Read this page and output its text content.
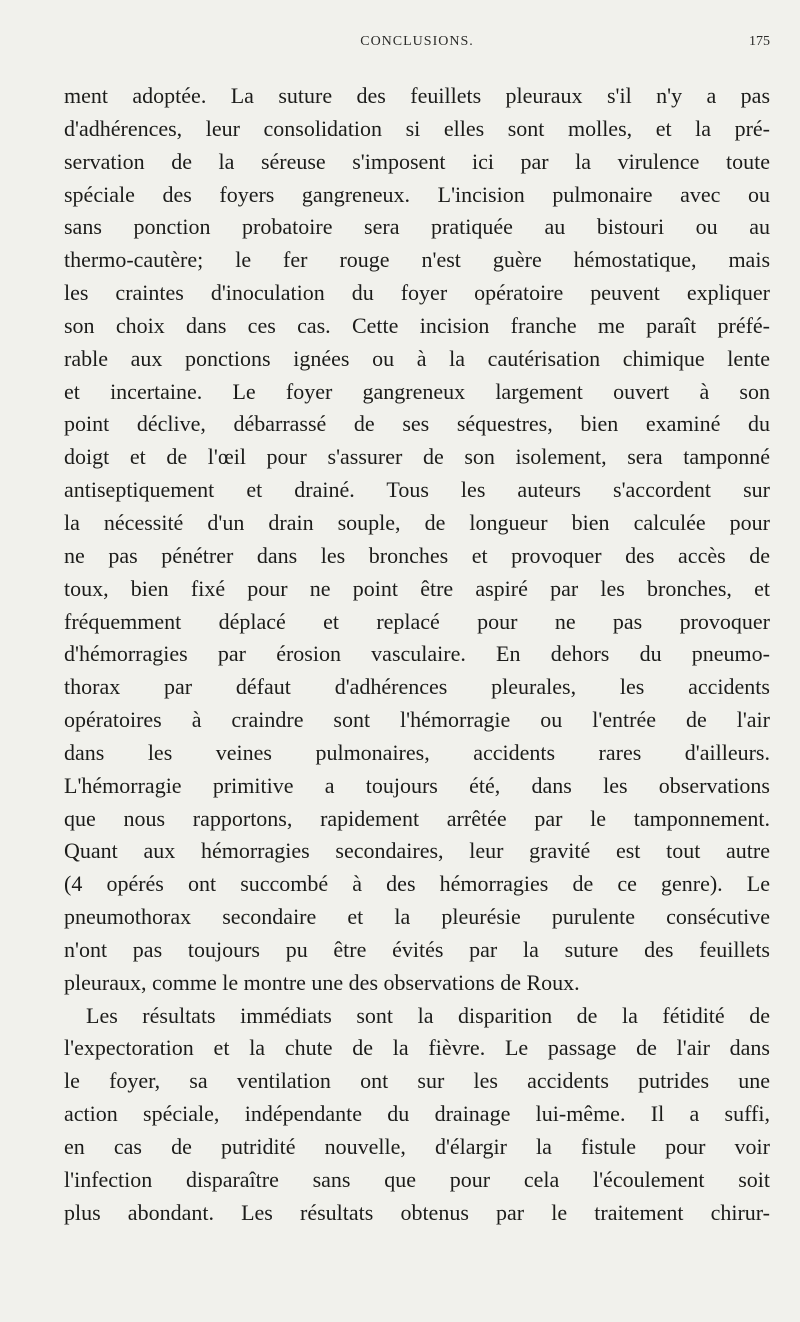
CONCLUSIONS.	175
ment adoptée. La suture des feuillets pleuraux s'il n'y a pas
d'adhérences, leur consolidation si elles sont molles, et la pré-
servation de la séreuse s'imposent ici par la virulence toute
spéciale des foyers gangreneux. L'incision pulmonaire avec ou
sans ponction probatoire sera pratiquée au bistouri ou au
thermo-cautère; le fer rouge n'est guère hémostatique, mais
les craintes d'inoculation du foyer opératoire peuvent expliquer
son choix dans ces cas. Cette incision franche me paraît préfé-
rable aux ponctions ignées ou à la cautérisation chimique lente
et incertaine. Le foyer gangreneux largement ouvert à son
point déclive, débarrassé de ses séquestres, bien examiné du
doigt et de l'œil pour s'assurer de son isolement, sera tamponné
antiseptiquement et drainé. Tous les auteurs s'accordent sur
la nécessité d'un drain souple, de longueur bien calculée pour
ne pas pénétrer dans les bronches et provoquer des accès de
toux, bien fixé pour ne point être aspiré par les bronches, et
fréquemment déplacé et replacé pour ne pas provoquer
d'hémorragies par érosion vasculaire. En dehors du pneumo-
thorax par défaut d'adhérences pleurales, les accidents
opératoires à craindre sont l'hémorragie ou l'entrée de l'air
dans les veines pulmonaires, accidents rares d'ailleurs.
L'hémorragie primitive a toujours été, dans les observations
que nous rapportons, rapidement arrêtée par le tamponnement.
Quant aux hémorragies secondaires, leur gravité est tout autre
(4 opérés ont succombé à des hémorragies de ce genre). Le
pneumothorax secondaire et la pleurésie purulente consécutive
n'ont pas toujours pu être évités par la suture des feuillets
pleuraux, comme le montre une des observations de Roux.
Les résultats immédiats sont la disparition de la fétidité de
l'expectoration et la chute de la fièvre. Le passage de l'air dans
le foyer, sa ventilation ont sur les accidents putrides une
action spéciale, indépendante du drainage lui-même. Il a suffi,
en cas de putridité nouvelle, d'élargir la fistule pour voir
l'infection disparaître sans que pour cela l'écoulement soit
plus abondant. Les résultats obtenus par le traitement chirur-
